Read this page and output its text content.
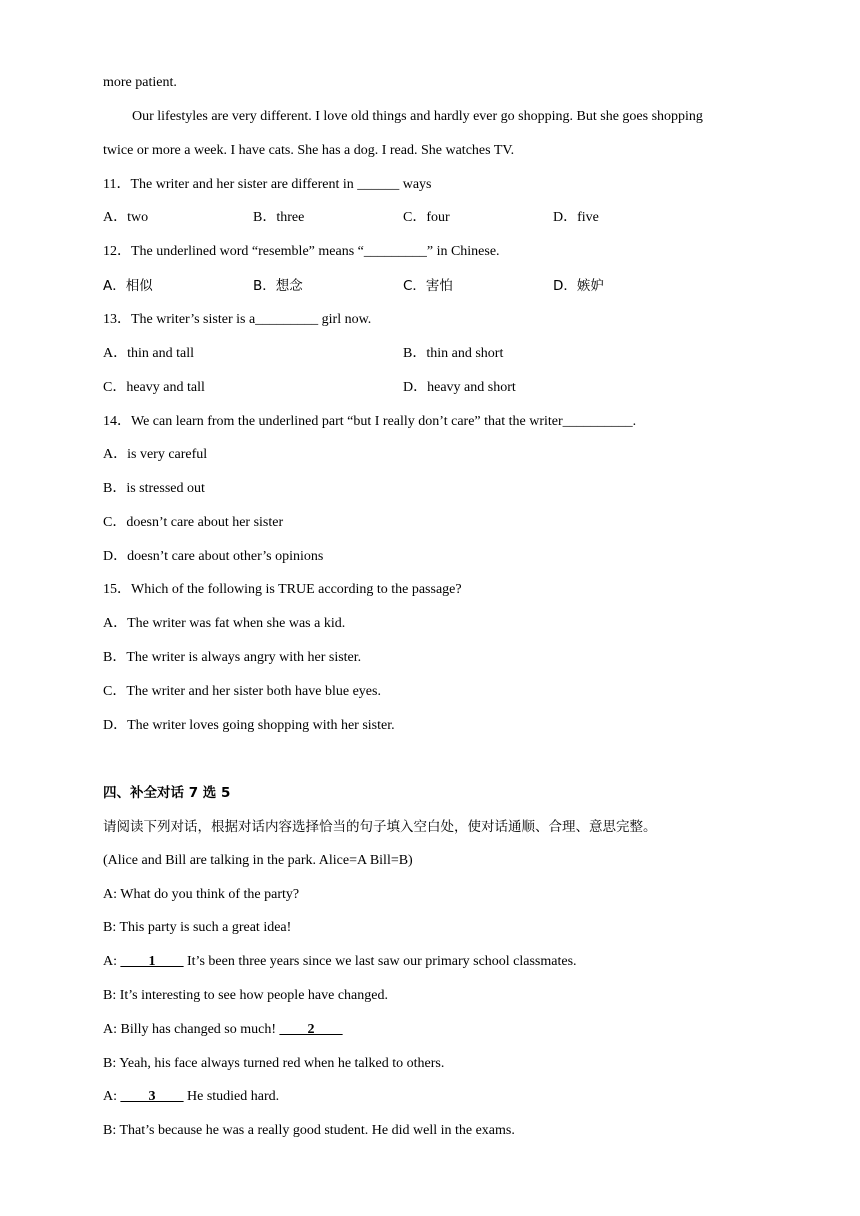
more patient.
Our lifestyles are very different. I love old things and hardly ever go shopping. But she goes shopping
twice or more a week. I have cats. She has a dog. I read. She watches TV.
11．The writer and her sister are different in ______ ways
A．two	B．three	C．four	D．five
12．The underlined word “resemble” means “_________” in Chinese.
A．相似	B．想念	C．害怕	D．嫉妒
13．The writer’s sister is a_________ girl now.
A．thin and tall	B．thin and short
C．heavy and tall	D．heavy and short
14．We can learn from the underlined part “but I really don’t care” that the writer__________.
A．is very careful
B．is stressed out
C．doesn’t care about her sister
D．doesn’t care about other’s opinions
15．Which of the following is TRUE according to the passage?
A．The writer was fat when she was a kid.
B．The writer is always angry with her sister.
C．The writer and her sister both have blue eyes.
D．The writer loves going shopping with her sister.
四、补全对话 7 选 5
请阅读下列对话，根据对话内容选择恰当的句子填入空白处，使对话通顺、合理、意思完整。
(Alice and Bill are talking in the park. Alice=A Bill=B)
A: What do you think of the party?
B: This party is such a great idea!
A: ____1____ It’s been three years since we last saw our primary school classmates.
B: It’s interesting to see how people have changed.
A: Billy has changed so much! ____2____
B: Yeah, his face always turned red when he talked to others.
A: ____3____ He studied hard.
B: That’s because he was a really good student. He did well in the exams.
